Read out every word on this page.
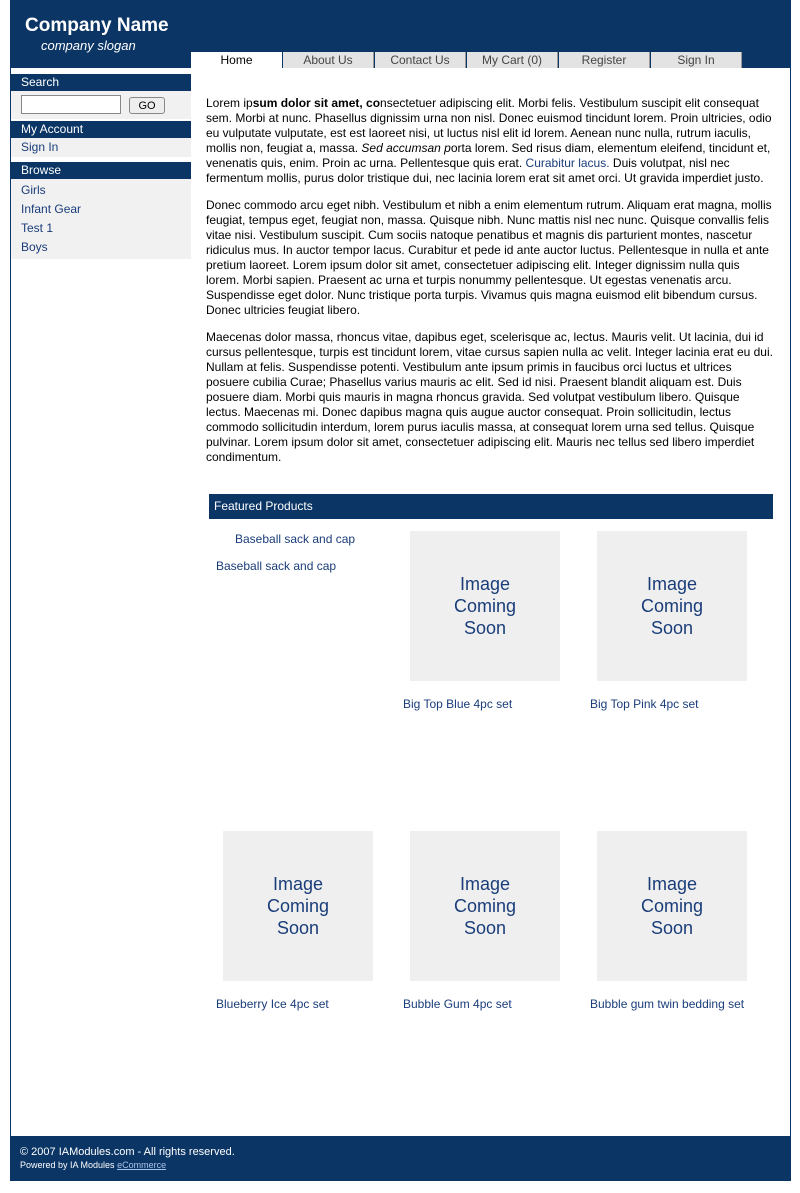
Company Name
company slogan
Home	About Us	Contact Us	My Cart (0)	Register	Sign In
Search
GO
My Account
Sign In
Browse
Girls
Infant Gear
Test 1
Boys

Lorem ipsum dolor sit amet, consectetuer adipiscing elit. Morbi felis. Vestibulum suscipit elit consequat sem. Morbi at nunc. Phasellus dignissim urna non nisl. Donec euismod tincidunt lorem. Proin ultricies, odio eu vulputate vulputate, est est laoreet nisi, ut luctus nisl elit id lorem. Aenean nunc nulla, rutrum iaculis, mollis non, feugiat a, massa. Sed accumsan porta lorem. Sed risus diam, elementum eleifend, tincidunt et, venenatis quis, enim. Proin ac urna. Pellentesque quis erat. Curabitur lacus. Duis volutpat, nisl nec fermentum mollis, purus dolor tristique dui, nec lacinia lorem erat sit amet orci. Ut gravida imperdiet justo.

Donec commodo arcu eget nibh. Vestibulum et nibh a enim elementum rutrum. Aliquam erat magna, mollis feugiat, tempus eget, feugiat non, massa. Quisque nibh. Nunc mattis nisl nec nunc. Quisque convallis felis vitae nisi. Vestibulum suscipit. Cum sociis natoque penatibus et magnis dis parturient montes, nascetur ridiculus mus. In auctor tempor lacus. Curabitur et pede id ante auctor luctus. Pellentesque in nulla et ante pretium laoreet. Lorem ipsum dolor sit amet, consectetuer adipiscing elit. Integer dignissim nulla quis lorem. Morbi sapien. Praesent ac urna et turpis nonummy pellentesque. Ut egestas venenatis arcu. Suspendisse eget dolor. Nunc tristique porta turpis. Vivamus quis magna euismod elit bibendum cursus. Donec ultricies feugiat libero.

Maecenas dolor massa, rhoncus vitae, dapibus eget, scelerisque ac, lectus. Mauris velit. Ut lacinia, dui id cursus pellentesque, turpis est tincidunt lorem, vitae cursus sapien nulla ac velit. Integer lacinia erat eu dui. Nullam at felis. Suspendisse potenti. Vestibulum ante ipsum primis in faucibus orci luctus et ultrices posuere cubilia Curae; Phasellus varius mauris ac elit. Sed id nisi. Praesent blandit aliquam est. Duis posuere diam. Morbi quis mauris in magna rhoncus gravida. Sed volutpat vestibulum libero. Quisque lectus. Maecenas mi. Donec dapibus magna quis augue auctor consequat. Proin sollicitudin, lectus commodo sollicitudin interdum, lorem purus iaculis massa, at consequat lorem urna sed tellus. Quisque pulvinar. Lorem ipsum dolor sit amet, consectetuer adipiscing elit. Mauris nec tellus sed libero imperdiet condimentum.

Featured Products
Baseball sack and cap
Baseball sack and cap
Image
Coming
Soon
Big Top Blue 4pc set
Image
Coming
Soon
Big Top Pink 4pc set
Image
Coming
Soon
Blueberry Ice 4pc set
Image
Coming
Soon
Bubble Gum 4pc set
Image
Coming
Soon
Bubble gum twin bedding set
© 2007 IAModules.com - All rights reserved.
Powered by IA Modules eCommerce
